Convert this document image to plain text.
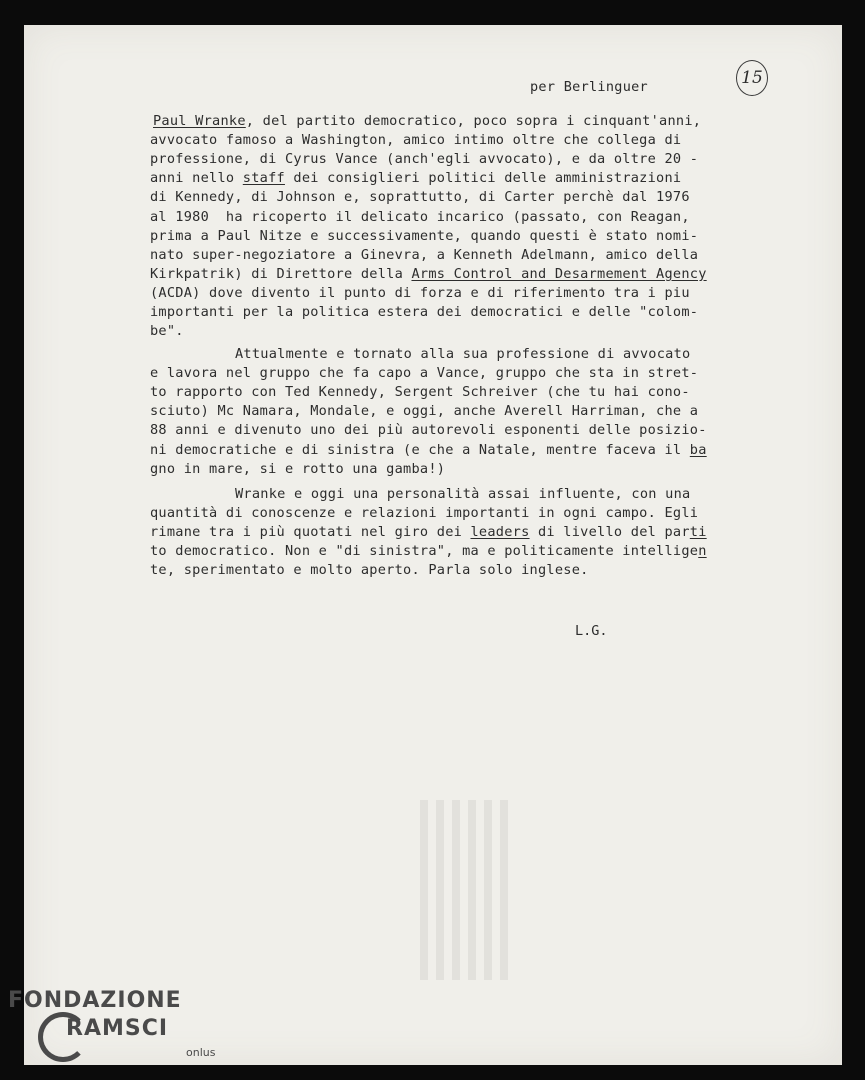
per Berlinguer	15
Paul Wranke, del partito democratico, poco sopra i cinquant'anni,
avvocato famoso a Washington, amico intimo oltre che collega di
professione, di Cyrus Vance (anch'egli avvocato), e da oltre 20 -
anni nello staff dei consiglieri politici delle amministrazioni
di Kennedy, di Johnson e, soprattutto, di Carter perchè dal 1976
al 1980  ha ricoperto il delicato incarico (passato, con Reagan,
prima a Paul Nitze e successivamente, quando questi è stato nomi-
nato super-negoziatore a Ginevra, a Kenneth Adelmann, amico della
Kirkpatrik) di Direttore della Arms Control and Desarmement Agency
(ACDA) dove divento il punto di forza e di riferimento tra i piu
importanti per la politica estera dei democratici e delle "colom-
be".
Attualmente e tornato alla sua professione di avvocato
e lavora nel gruppo che fa capo a Vance, gruppo che sta in stret-
to rapporto con Ted Kennedy, Sergent Schreiver (che tu hai cono-
sciuto) Mc Namara, Mondale, e oggi, anche Averell Harriman, che a
88 anni e divenuto uno dei più autorevoli esponenti delle posizio-
ni democratiche e di sinistra (e che a Natale, mentre faceva il ba
gno in mare, si e rotto una gamba!)
Wranke e oggi una personalità assai influente, con una
quantità di conoscenze e relazioni importanti in ogni campo. Egli
rimane tra i più quotati nel giro dei leaders di livello del parti
to democratico. Non e "di sinistra", ma e politicamente intelligen
te, sperimentato e molto aperto. Parla solo inglese.
L.G.
FONDAZIONE
RAMSCI
onlus
